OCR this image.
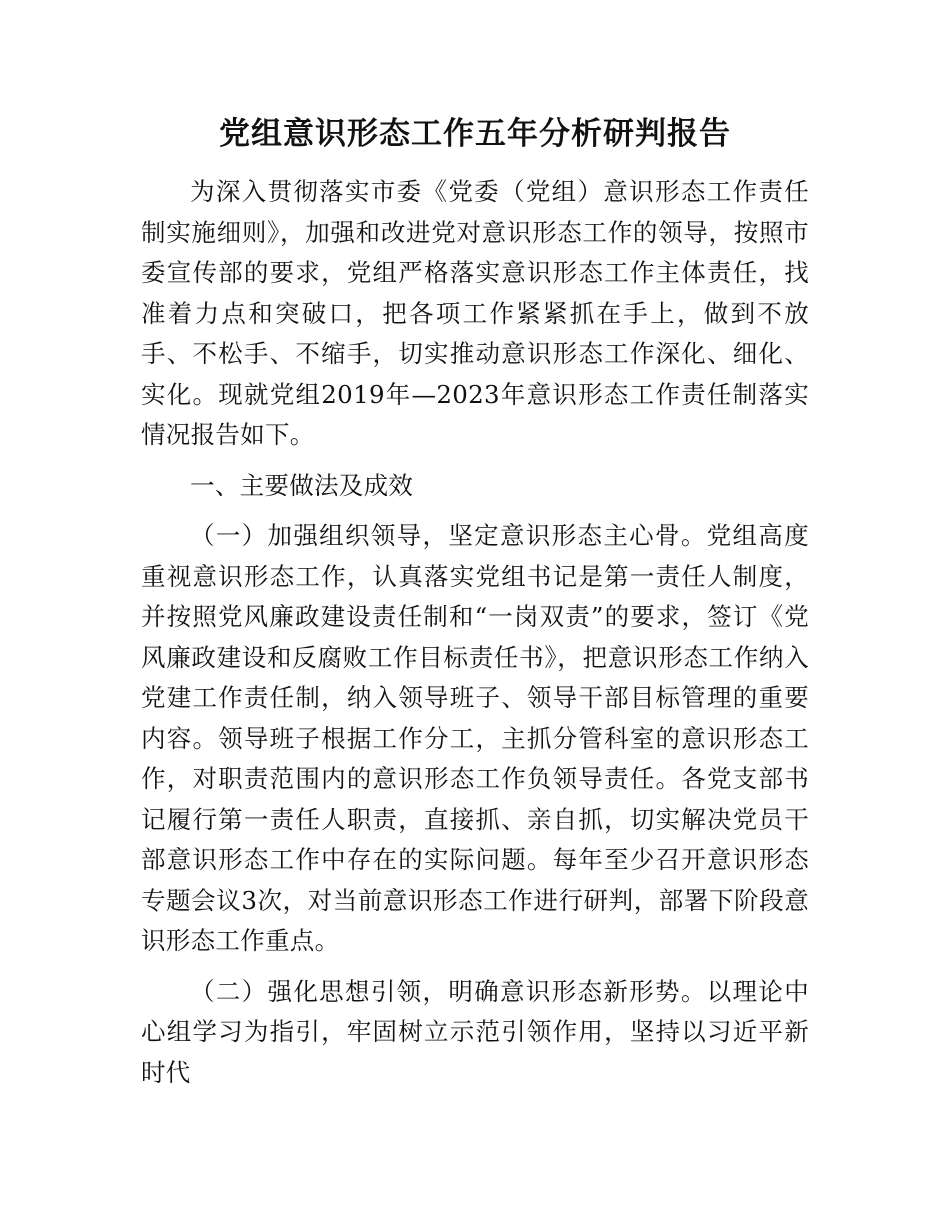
党组意识形态工作五年分析研判报告

为深入贯彻落实市委《党委（党组）意识形态工作责任制实施细则》，加强和改进党对意识形态工作的领导，按照市委宣传部的要求，党组严格落实意识形态工作主体责任，找准着力点和突破口，把各项工作紧紧抓在手上，做到不放手、不松手、不缩手，切实推动意识形态工作深化、细化、实化。现就党组2019年—2023年意识形态工作责任制落实情况报告如下。

一、主要做法及成效

（一）加强组织领导，坚定意识形态主心骨。党组高度重视意识形态工作，认真落实党组书记是第一责任人制度，并按照党风廉政建设责任制和“一岗双责”的要求，签订《党风廉政建设和反腐败工作目标责任书》，把意识形态工作纳入党建工作责任制，纳入领导班子、领导干部目标管理的重要内容。领导班子根据工作分工，主抓分管科室的意识形态工作，对职责范围内的意识形态工作负领导责任。各党支部书记履行第一责任人职责，直接抓、亲自抓，切实解决党员干部意识形态工作中存在的实际问题。每年至少召开意识形态专题会议3次，对当前意识形态工作进行研判，部署下阶段意识形态工作重点。

（二）强化思想引领，明确意识形态新形势。以理论中心组学习为指引，牢固树立示范引领作用，坚持以习近平新时代
